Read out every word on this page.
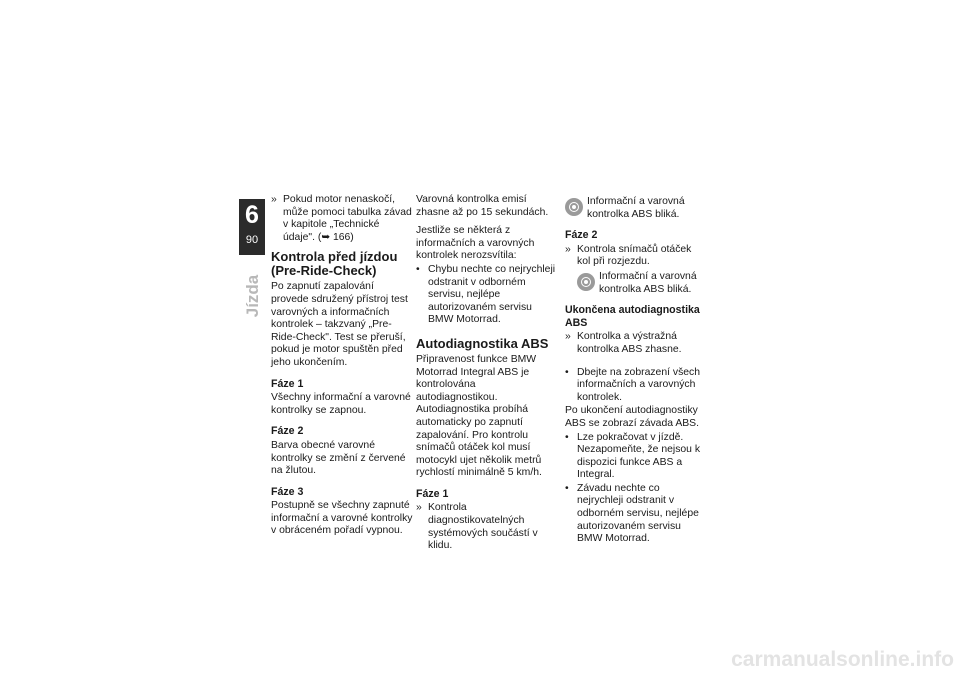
6
90
Jízda
» Pokud motor nenaskočí, může pomoci tabulka závad v kapitole „Technické údaje". (➥ 166)
Kontrola před jízdou (Pre-Ride-Check)

Po zapnutí zapalování provede sdružený přístroj test varovných a informačních kontrolek – takzvaný „Pre-Ride-Check". Test se přeruší, pokud je motor spuštěn před jeho ukončením.

Fáze 1

Všechny informační a varovné kontrolky se zapnou.

Fáze 2

Barva obecné varovné kontrolky se změní z červené na žlutou.

Fáze 3

Postupně se všechny zapnuté informační a varovné kontrolky v obráceném pořadí vypnou.

Varovná kontrolka emisí zhasne až po 15 sekundách.

Jestliže se některá z informačních a varovných kontrolek nerozsvítila:

• Chybu nechte co nejrychleji odstranit v odborném servisu, nejlépe autorizovaném servisu BMW Motorrad.
Autodiagnostika ABS

Připravenost funkce BMW Motorrad Integral ABS je kontrolována autodiagnostikou. Autodiagnostika probíhá automaticky po zapnutí zapalování. Pro kontrolu snímačů otáček kol musí motocykl ujet několik metrů rychlostí minimálně 5 km/h.

Fáze 1
» Kontrola diagnostikovatelných systémových součástí v klidu.
Informační a varovná kontrolka ABS bliká.
Fáze 2
» Kontrola snímačů otáček kol při rozjezdu.
Informační a varovná kontrolka ABS bliká.
Ukončena autodiagnostika ABS
» Kontrolka a výstražná kontrolka ABS zhasne.
• Dbejte na zobrazení všech informačních a varovných kontrolek.

Po ukončení autodiagnostiky ABS se zobrazí závada ABS.

• Lze pokračovat v jízdě. Nezapomeňte, že nejsou k dispozici funkce ABS a Integral.
• Závadu nechte co nejrychleji odstranit v odborném servisu, nejlépe autorizovaném servisu BMW Motorrad.
carmanualsonline.info
